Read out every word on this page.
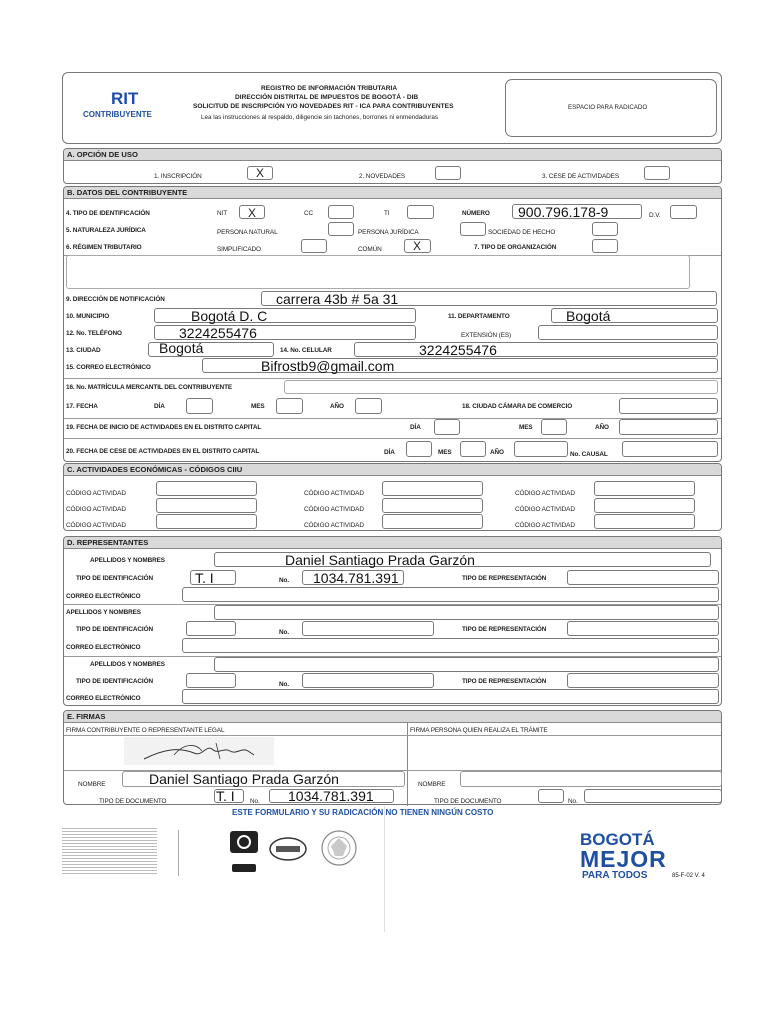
RIT
CONTRIBUYENTE
REGISTRO DE INFORMACIÓN TRIBUTARIA
DIRECCIÓN DISTRITAL DE IMPUESTOS DE BOGOTÁ - DIB
SOLICITUD DE INSCRIPCIÓN Y/O NOVEDADES RIT - ICA PARA CONTRIBUYENTES
Lea las instrucciones al respaldo, diligencie sin tachones, borrones ni enmendaduras
ESPACIO PARA RADICADO
A. OPCIÓN DE USO
1. INSCRIPCIÓN	X	2. NOVEDADES	3. CESE DE ACTIVIDADES
B. DATOS DEL CONTRIBUYENTE
4. TIPO DE IDENTIFICACIÓN	NIT X	CC	TI	NÚMERO 900.796.178-9	D.V.
5. NATURALEZA JURÍDICA	PERSONA NATURAL	PERSONA JURÍDICA	SOCIEDAD DE HECHO
6. RÉGIMEN TRIBUTARIO	SIMPLIFICADO	COMÚN	X	7. TIPO DE ORGANIZACIÓN
9. DIRECCIÓN DE NOTIFICACIÓN	carrera 43b # 5a 31
10. MUNICIPIO	Bogotá D. C	11. DEPARTAMENTO	Bogotá
12. No. TELÉFONO	3224255476	EXTENSIÓN (ES)
13. CIUDAD	Bogotá	14. No. CELULAR	3224255476
15. CORREO ELECTRÓNICO	Bifrostb9@gmail.com
16. No. MATRÍCULA MERCANTIL DEL CONTRIBUYENTE
17. FECHA	DÍA	MES	AÑO	18. CIUDAD CÁMARA DE COMERCIO
19. FECHA DE INICIO DE ACTIVIDADES EN EL DISTRITO CAPITAL	DÍA	MES	AÑO
20. FECHA DE CESE DE ACTIVIDADES EN EL DISTRITO CAPITAL	DÍA	MES	AÑO	No. CAUSAL
C. ACTIVIDADES ECONÓMICAS - CÓDIGOS CIIU
CÓDIGO ACTIVIDAD	CÓDIGO ACTIVIDAD	CÓDIGO ACTIVIDAD
CÓDIGO ACTIVIDAD	CÓDIGO ACTIVIDAD	CÓDIGO ACTIVIDAD
CÓDIGO ACTIVIDAD	CÓDIGO ACTIVIDAD	CÓDIGO ACTIVIDAD
D. REPRESENTANTES
APELLIDOS Y NOMBRES	Daniel Santiago Prada Garzón
TIPO DE IDENTIFICACIÓN	T. I	No. 1034.781.391	TIPO DE REPRESENTACIÓN
CORREO ELECTRÓNICO
APELLIDOS Y NOMBRES
TIPO DE IDENTIFICACIÓN	No.	TIPO DE REPRESENTACIÓN
CORREO ELECTRÓNICO
APELLIDOS Y NOMBRES
TIPO DE IDENTIFICACIÓN	No.	TIPO DE REPRESENTACIÓN
CORREO ELECTRÓNICO
E. FIRMAS
FIRMA CONTRIBUYENTE O REPRESENTANTE LEGAL	FIRMA PERSONA QUIEN REALIZA EL TRÁMITE
NOMBRE	Daniel Santiago Prada Garzón	NOMBRE
TIPO DE DOCUMENTO	T. I No. 1034.781.391	TIPO DE DOCUMENTO	No.
ESTE FORMULARIO Y SU RADICACIÓN NO TIENEN NINGÚN COSTO
BOGOTÁ
MEJOR
PARA TODOS	85-F-02 V. 4
